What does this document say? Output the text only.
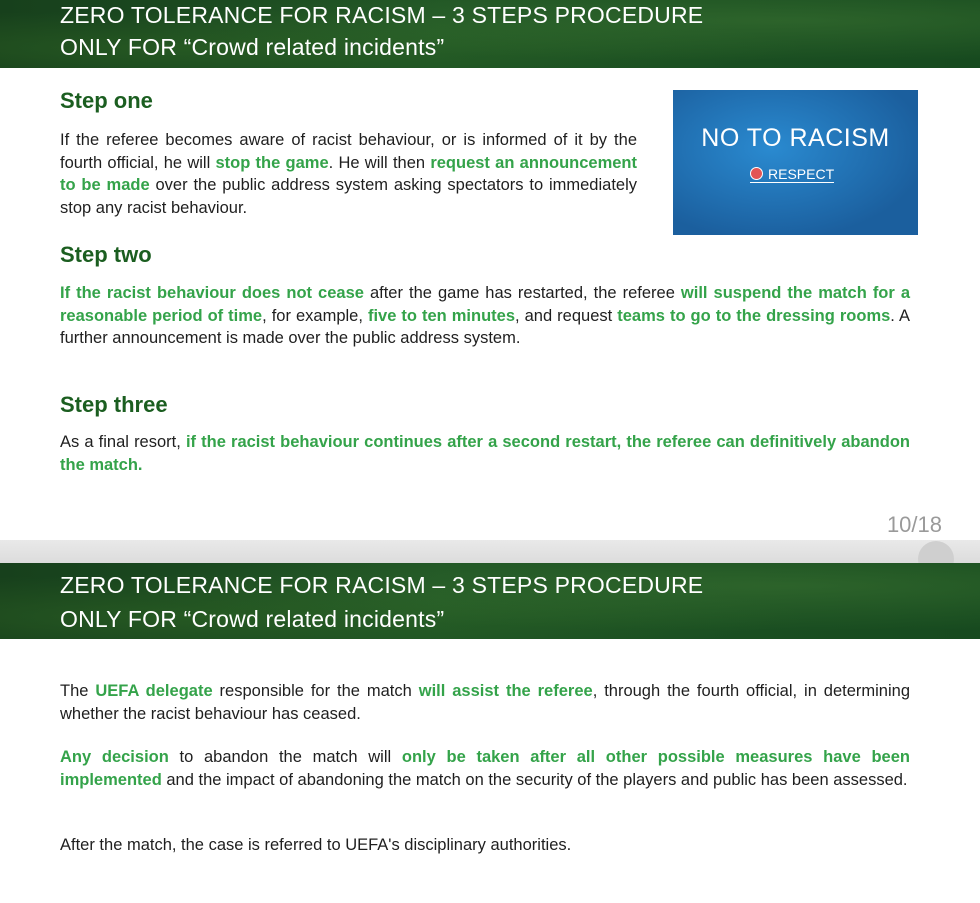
ZERO TOLERANCE FOR RACISM – 3 STEPS PROCEDURE
ONLY FOR “Crowd related incidents”
Step one
If the referee becomes aware of racist behaviour, or is informed of it by the fourth official, he will stop the game. He will then request an announcement to be made over the public address system asking spectators to immediately stop any racist behaviour.
NO TO RACISM
RESPECT
Step two
If the racist behaviour does not cease after the game has restarted, the referee will suspend the match for a reasonable period of time, for example, five to ten minutes, and request teams to go to the dressing rooms. A further announcement is made over the public address system.
Step three
As a final resort, if the racist behaviour continues after a second restart, the referee can definitively abandon the match.
10/18
ZERO TOLERANCE FOR RACISM – 3 STEPS PROCEDURE
ONLY FOR “Crowd related incidents”
The UEFA delegate responsible for the match will assist the referee, through the fourth official, in determining whether the racist behaviour has ceased.
Any decision to abandon the match will only be taken after all other possible measures have been implemented and the impact of abandoning the match on the security of the players and public has been assessed.
After the match, the case is referred to UEFA's disciplinary authorities.
